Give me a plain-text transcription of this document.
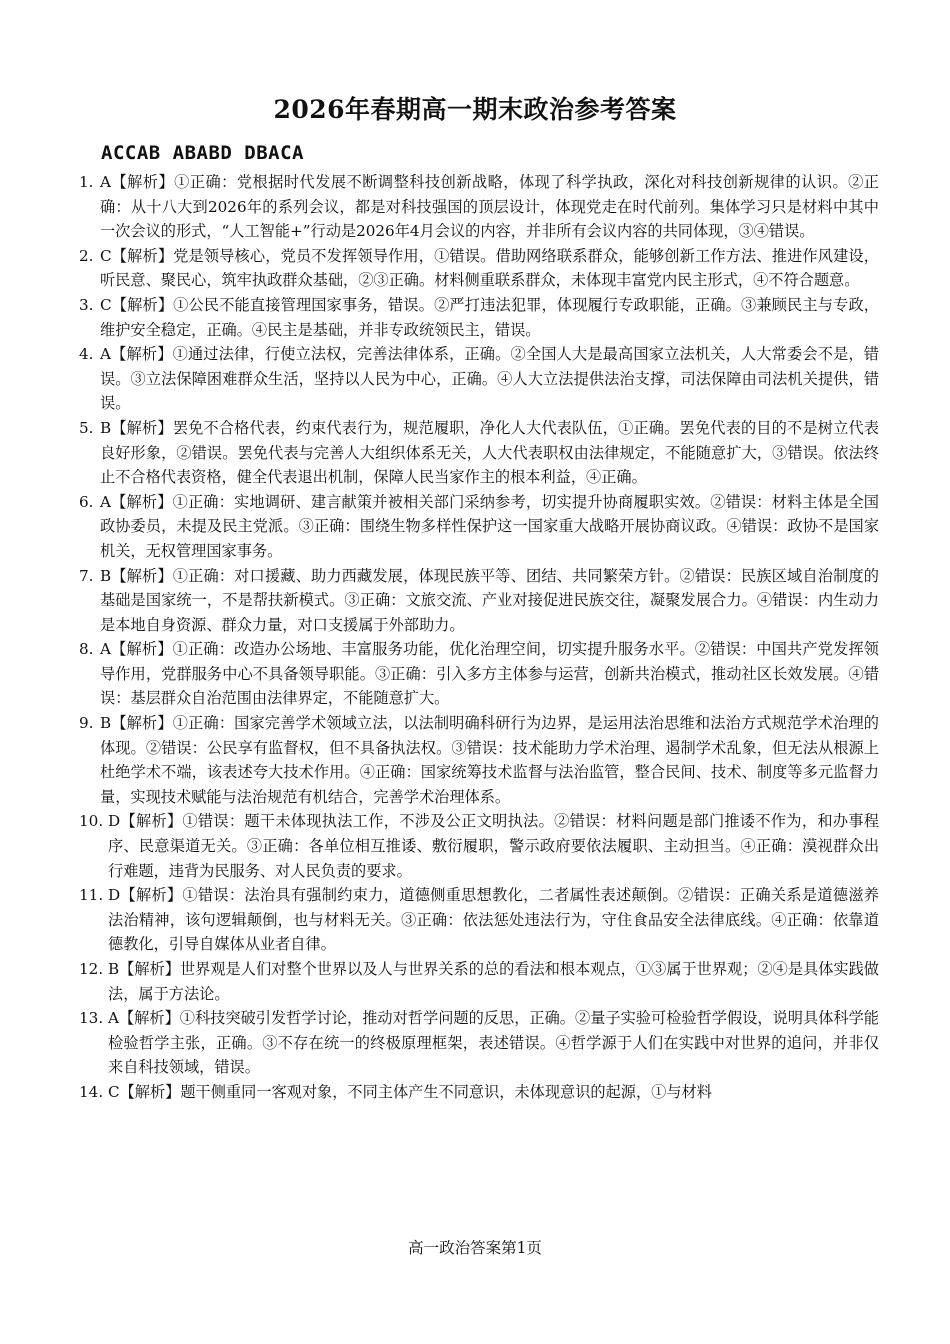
2026年春期高一期末政治参考答案
ACCAB ABABD DBACA
1. A【解析】①正确：党根据时代发展不断调整科技创新战略，体现了科学执政，深化对科技创新规律的认识。②正确：从十八大到2026年的系列会议，都是对科技强国的顶层设计，体现党走在时代前列。集体学习只是材料中其中一次会议的形式，“人工智能+”行动是2026年4月会议的内容，并非所有会议内容的共同体现，③④错误。
2. C【解析】党是领导核心，党员不发挥领导作用，①错误。借助网络联系群众，能够创新工作方法、推进作风建设，听民意、聚民心，筑牢执政群众基础，②③正确。材料侧重联系群众，未体现丰富党内民主形式，④不符合题意。
3. C【解析】①公民不能直接管理国家事务，错误。②严打违法犯罪，体现履行专政职能，正确。③兼顾民主与专政，维护安全稳定，正确。④民主是基础，并非专政统领民主，错误。
4. A【解析】①通过法律，行使立法权，完善法律体系，正确。②全国人大是最高国家立法机关，人大常委会不是，错误。③立法保障困难群众生活，坚持以人民为中心，正确。④人大立法提供法治支撑，司法保障由司法机关提供，错误。
5. B【解析】罢免不合格代表，约束代表行为，规范履职，净化人大代表队伍，①正确。罢免代表的目的不是树立代表良好形象，②错误。罢免代表与完善人大组织体系无关，人大代表职权由法律规定，不能随意扩大，③错误。依法终止不合格代表资格，健全代表退出机制，保障人民当家作主的根本利益，④正确。
6. A【解析】①正确：实地调研、建言献策并被相关部门采纳参考，切实提升协商履职实效。②错误：材料主体是全国政协委员，未提及民主党派。③正确：围绕生物多样性保护这一国家重大战略开展协商议政。④错误：政协不是国家机关，无权管理国家事务。
7. B【解析】①正确：对口援藏、助力西藏发展，体现民族平等、团结、共同繁荣方针。②错误：民族区域自治制度的基础是国家统一，不是帮扶新模式。③正确：文旅交流、产业对接促进民族交往，凝聚发展合力。④错误：内生动力是本地自身资源、群众力量，对口支援属于外部助力。
8. A【解析】①正确：改造办公场地、丰富服务功能，优化治理空间，切实提升服务水平。②错误：中国共产党发挥领导作用，党群服务中心不具备领导职能。③正确：引入多方主体参与运营，创新共治模式，推动社区长效发展。④错误：基层群众自治范围由法律界定，不能随意扩大。
9. B【解析】①正确：国家完善学术领域立法，以法制明确科研行为边界，是运用法治思维和法治方式规范学术治理的体现。②错误：公民享有监督权，但不具备执法权。③错误：技术能助力学术治理、遏制学术乱象，但无法从根源上杜绝学术不端，该表述夸大技术作用。④正确：国家统筹技术监督与法治监管，整合民间、技术、制度等多元监督力量，实现技术赋能与法治规范有机结合，完善学术治理体系。
10. D【解析】①错误：题干未体现执法工作，不涉及公正文明执法。②错误：材料问题是部门推诿不作为，和办事程序、民意渠道无关。③正确：各单位相互推诿、敷衍履职，警示政府要依法履职、主动担当。④正确：漠视群众出行难题，违背为民服务、对人民负责的要求。
11. D【解析】①错误：法治具有强制约束力，道德侧重思想教化，二者属性表述颠倒。②错误：正确关系是道德滋养法治精神，该句逻辑颠倒，也与材料无关。③正确：依法惩处违法行为，守住食品安全法律底线。④正确：依靠道德教化，引导自媒体从业者自律。
12. B【解析】世界观是人们对整个世界以及人与世界关系的总的看法和根本观点，①③属于世界观；②④是具体实践做法，属于方法论。
13. A【解析】①科技突破引发哲学讨论，推动对哲学问题的反思，正确。②量子实验可检验哲学假设，说明具体科学能检验哲学主张，正确。③不存在统一的终极原理框架，表述错误。④哲学源于人们在实践中对世界的追问，并非仅来自科技领域，错误。
14. C【解析】题干侧重同一客观对象，不同主体产生不同意识，未体现意识的起源，①与材料
高一政治答案第1页
